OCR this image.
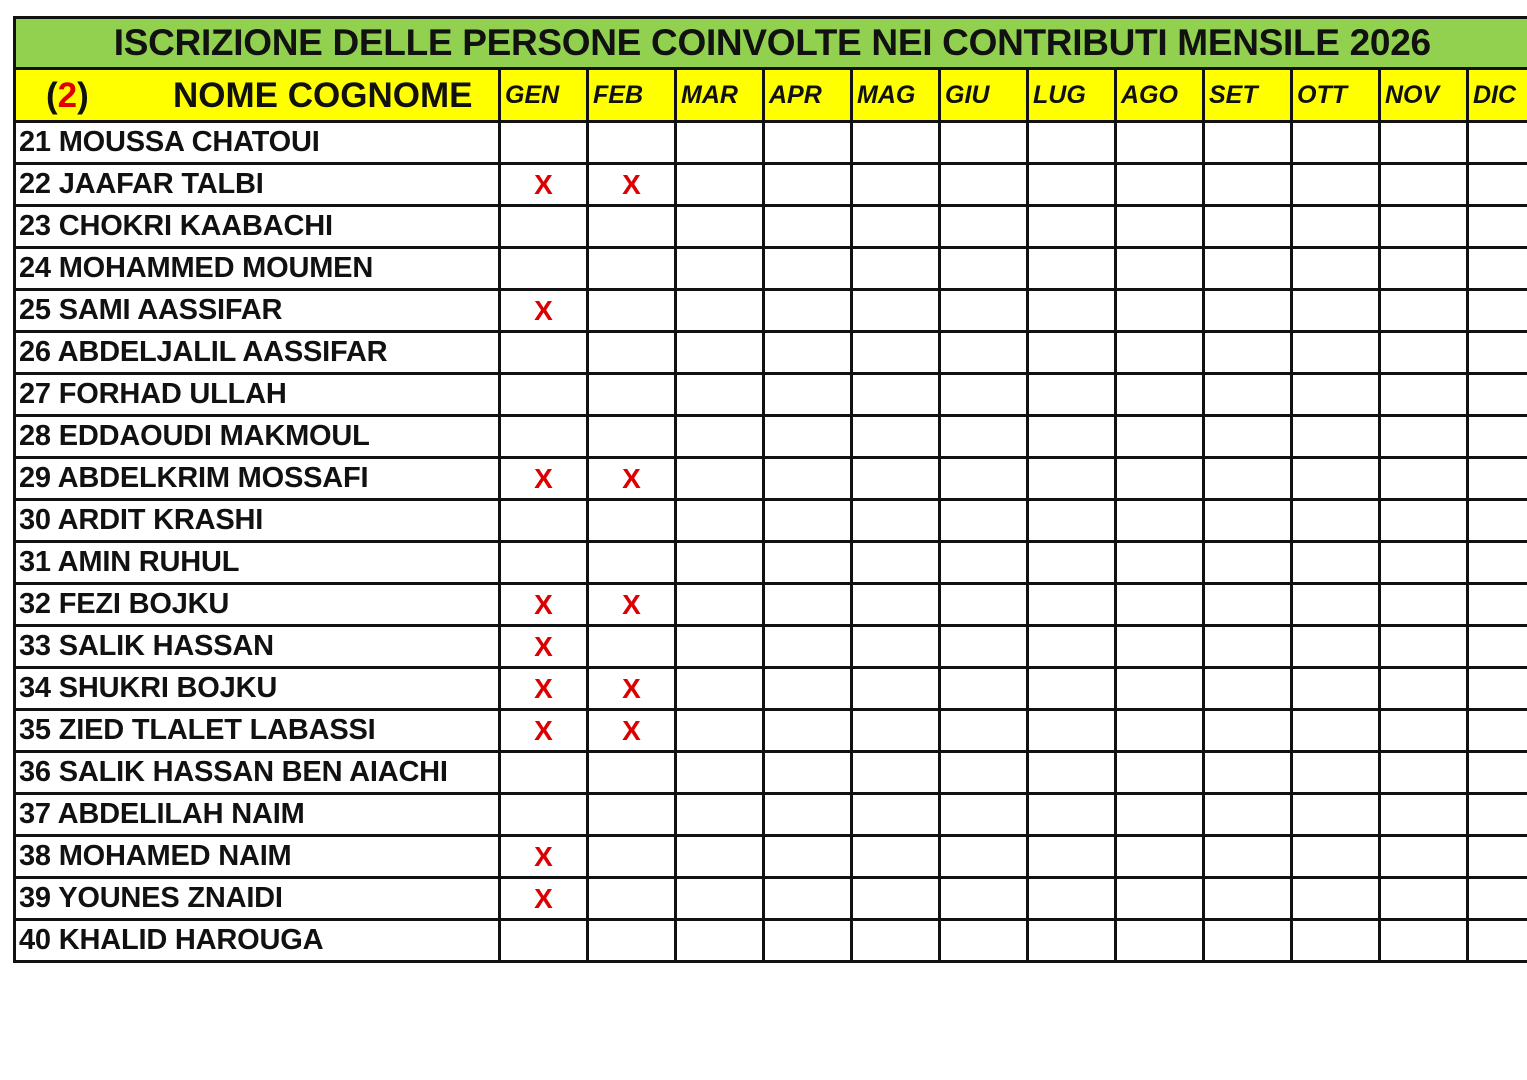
ISCRIZIONE DELLE PERSONE COINVOLTE NEI CONTRIBUTI MENSILE 2026												

(2) NOME COGNOME	GEN	FEB	MAR	APR	MAG	GIU	LUG	AGO	SET	OTT	NOV	DIC
21 MOUSSA CHATOUI												
22 JAAFAR TALBI	X	X										
23 CHOKRI KAABACHI												
24 MOHAMMED MOUMEN												
25 SAMI AASSIFAR	X											
26 ABDELJALIL AASSIFAR												
27 FORHAD ULLAH												
28 EDDAOUDI MAKMOUL												
29 ABDELKRIM MOSSAFI	X	X										
30 ARDIT KRASHI												
31 AMIN RUHUL												
32 FEZI BOJKU	X	X										
33 SALIK HASSAN	X											
34 SHUKRI BOJKU	X	X										
35 ZIED TLALET LABASSI	X	X										
36 SALIK HASSAN BEN AIACHI												
37 ABDELILAH NAIM												
38 MOHAMED NAIM	X											
39 YOUNES ZNAIDI	X											
40 KHALID HAROUGA												
